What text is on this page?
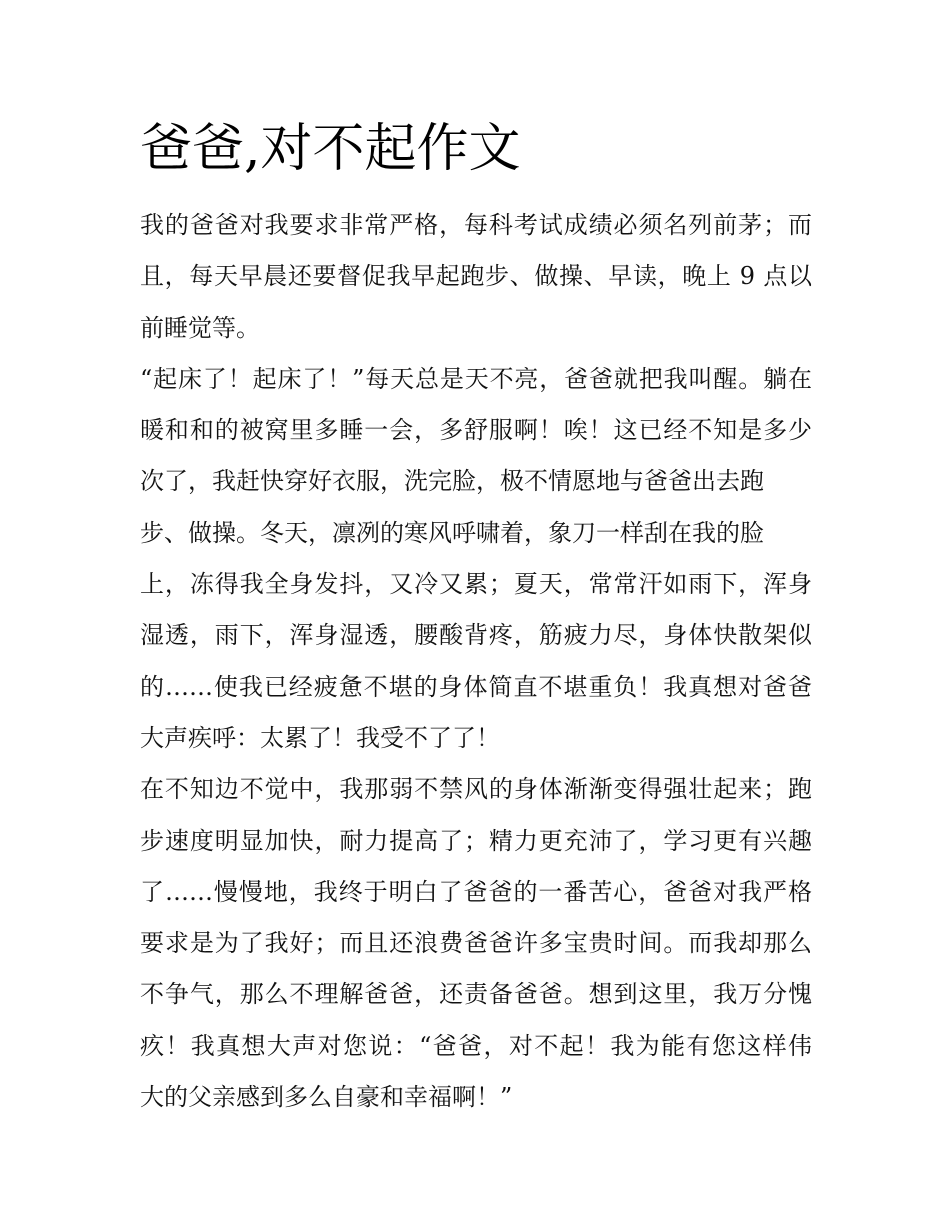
爸爸,对不起作文
我的爸爸对我要求非常严格，每科考试成绩必须名列前茅；而
且，每天早晨还要督促我早起跑步、做操、早读，晚上 9 点以
前睡觉等。
“起床了！起床了！”每天总是天不亮，爸爸就把我叫醒。躺在
暖和和的被窝里多睡一会，多舒服啊！唉！这已经不知是多少
次了，我赶快穿好衣服，洗完脸，极不情愿地与爸爸出去跑
步、做操。冬天，凛冽的寒风呼啸着，象刀一样刮在我的脸
上，冻得我全身发抖，又冷又累；夏天，常常汗如雨下，浑身
湿透，雨下，浑身湿透，腰酸背疼，筋疲力尽，身体快散架似
的……使我已经疲惫不堪的身体简直不堪重负！我真想对爸爸
大声疾呼：太累了！我受不了了！
在不知边不觉中，我那弱不禁风的身体渐渐变得强壮起来；跑
步速度明显加快，耐力提高了；精力更充沛了，学习更有兴趣
了……慢慢地，我终于明白了爸爸的一番苦心，爸爸对我严格
要求是为了我好；而且还浪费爸爸许多宝贵时间。而我却那么
不争气，那么不理解爸爸，还责备爸爸。想到这里，我万分愧
疚！我真想大声对您说：“爸爸，对不起！我为能有您这样伟
大的父亲感到多么自豪和幸福啊！”
